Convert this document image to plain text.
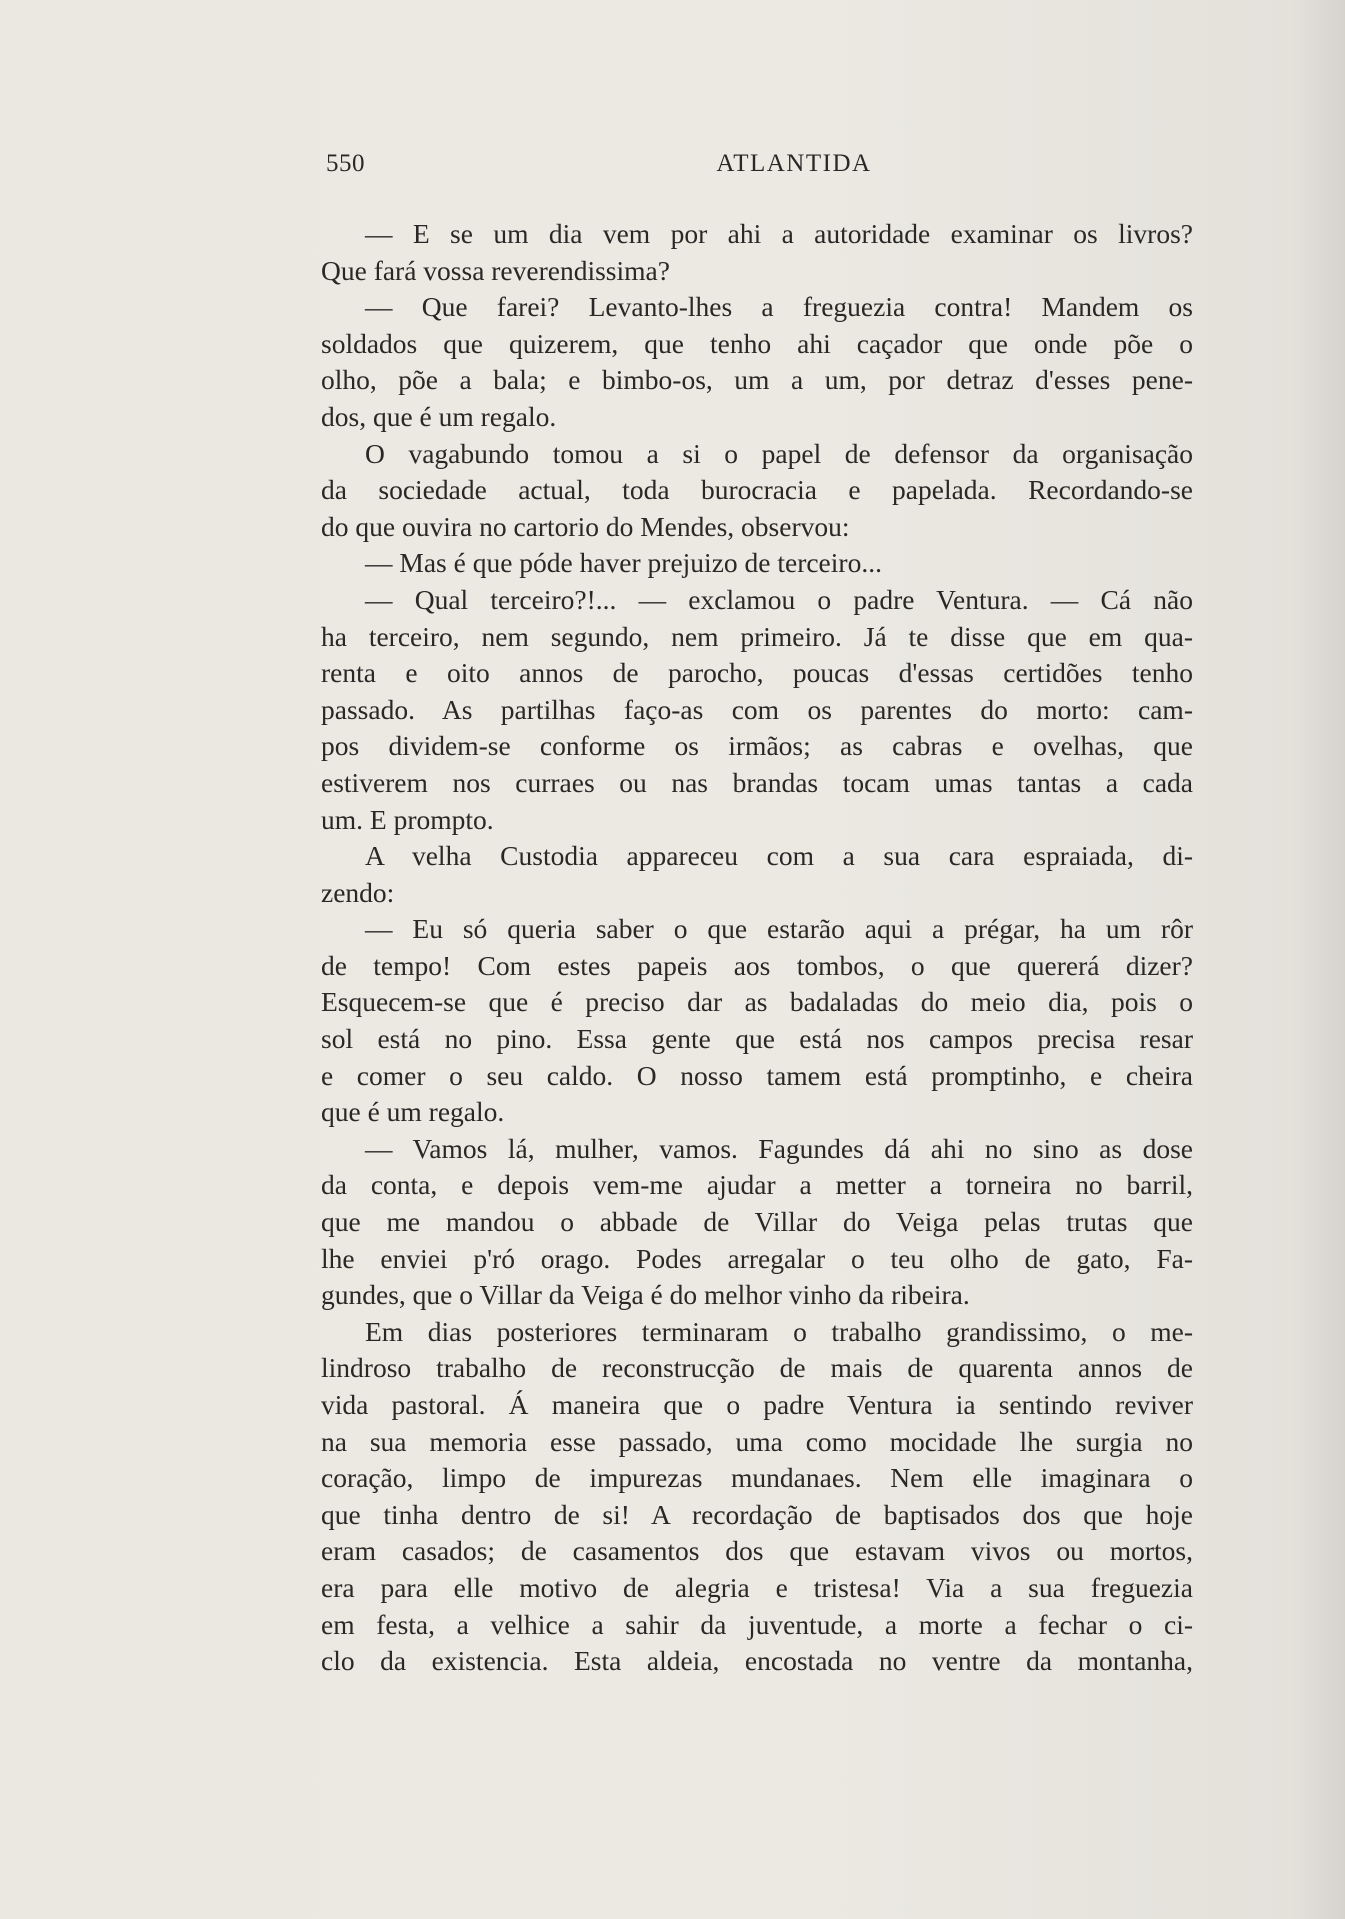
550	ATLANTIDA
— E se um dia vem por ahi a autoridade examinar os livros?
Que fará vossa reverendissima?
— Que farei? Levanto-lhes a freguezia contra! Mandem os
soldados que quizerem, que tenho ahi caçador que onde põe o
olho, põe a bala; e bimbo-os, um a um, por detraz d'esses pene-
dos, que é um regalo.
O vagabundo tomou a si o papel de defensor da organisação
da sociedade actual, toda burocracia e papelada. Recordando-se
do que ouvira no cartorio do Mendes, observou:
— Mas é que póde haver prejuizo de terceiro...
— Qual terceiro?!... — exclamou o padre Ventura. — Cá não
ha terceiro, nem segundo, nem primeiro. Já te disse que em qua-
renta e oito annos de parocho, poucas d'essas certidões tenho
passado. As partilhas faço-as com os parentes do morto: cam-
pos dividem-se conforme os irmãos; as cabras e ovelhas, que
estiverem nos curraes ou nas brandas tocam umas tantas a cada
um. E prompto.
A velha Custodia appareceu com a sua cara espraiada, di-
zendo:
— Eu só queria saber o que estarão aqui a prégar, ha um rôr
de tempo! Com estes papeis aos tombos, o que quererá dizer?
Esquecem-se que é preciso dar as badaladas do meio dia, pois o
sol está no pino. Essa gente que está nos campos precisa resar
e comer o seu caldo. O nosso tamem está promptinho, e cheira
que é um regalo.
— Vamos lá, mulher, vamos. Fagundes dá ahi no sino as dose
da conta, e depois vem-me ajudar a metter a torneira no barril,
que me mandou o abbade de Villar do Veiga pelas trutas que
lhe enviei p'ró orago. Podes arregalar o teu olho de gato, Fa-
gundes, que o Villar da Veiga é do melhor vinho da ribeira.
Em dias posteriores terminaram o trabalho grandissimo, o me-
lindroso trabalho de reconstrucção de mais de quarenta annos de
vida pastoral. Á maneira que o padre Ventura ia sentindo reviver
na sua memoria esse passado, uma como mocidade lhe surgia no
coração, limpo de impurezas mundanaes. Nem elle imaginara o
que tinha dentro de si! A recordação de baptisados dos que hoje
eram casados; de casamentos dos que estavam vivos ou mortos,
era para elle motivo de alegria e tristesa! Via a sua freguezia
em festa, a velhice a sahir da juventude, a morte a fechar o ci-
clo da existencia. Esta aldeia, encostada no ventre da montanha,
